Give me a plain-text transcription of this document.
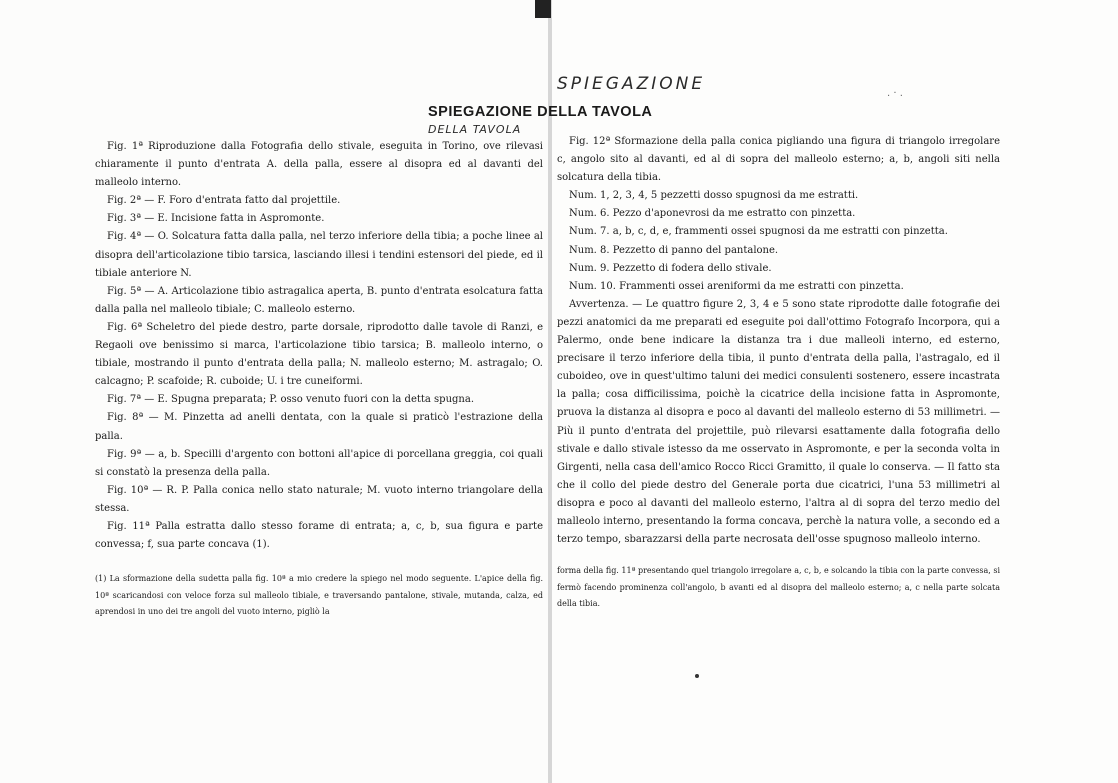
SPIEGAZIONE	. · .
SPIEGAZIONE DELLA TAVOLA
DELLA TAVOLA

Fig. 1ª Riproduzione dalla Fotografia dello stivale, eseguita in Torino, ove rilevasi chiaramente il punto d'entrata A. della palla, essere al disopra ed al davanti del malleolo interno.

Fig. 2ª — F. Foro d'entrata fatto dal projettile.

Fig. 3ª — E. Incisione fatta in Aspromonte.

Fig. 4ª — O. Solcatura fatta dalla palla, nel terzo inferiore della tibia; a poche linee al disopra dell'articolazione tibio tarsica, lasciando illesi i tendini estensori del piede, ed il tibiale anteriore N.

Fig. 5ª — A. Articolazione tibio astragalica aperta, B. punto d'entrata esolcatura fatta dalla palla nel malleolo tibiale; C. malleolo esterno.

Fig. 6ª Scheletro del piede destro, parte dorsale, riprodotto dalle tavole di Ranzi, e Regaoli ove benissimo si marca, l'articolazione tibio tarsica; B. malleolo interno, o tibiale, mostrando il punto d'entrata della palla; N. malleolo esterno; M. astragalo; O. calcagno; P. scafoide; R. cuboide; U. i tre cuneiformi.

Fig. 7ª — E. Spugna preparata; P. osso venuto fuori con la detta spugna.

Fig. 8ª — M. Pinzetta ad anelli dentata, con la quale si praticò l'estrazione della palla.

Fig. 9ª — a, b. Specilli d'argento con bottoni all'apice di porcellana greggia, coi quali si constatò la presenza della palla.

Fig. 10ª — R. P. Palla conica nello stato naturale; M. vuoto interno triangolare della stessa.

Fig. 11ª Palla estratta dallo stesso forame di entrata; a, c, b, sua figura e parte convessa; f, sua parte concava (1).

(1) La sformazione della sudetta palla fig. 10ª a mio credere la spiego nel modo seguente. L'apice della fig. 10ª scaricandosi con veloce forza sul malleolo tibiale, e traversando pantalone, stivale, mutanda, calza, ed aprendosi in uno dei tre angoli del vuoto interno, pigliò la

Fig. 12ª Sformazione della palla conica pigliando una figura di triangolo irregolare c, angolo sito al davanti, ed al di sopra del malleolo esterno; a, b, angoli siti nella solcatura della tibia.

Num. 1, 2, 3, 4, 5 pezzetti dosso spugnosi da me estratti.

Num. 6. Pezzo d'aponevrosi da me estratto con pinzetta.

Num. 7. a, b, c, d, e, frammenti ossei spugnosi da me estratti con pinzetta.

Num. 8. Pezzetto di panno del pantalone.

Num. 9. Pezzetto di fodera dello stivale.

Num. 10. Frammenti ossei areniformi da me estratti con pinzetta.

Avvertenza. — Le quattro figure 2, 3, 4 e 5 sono state riprodotte dalle fotografie dei pezzi anatomici da me preparati ed eseguite poi dall'ottimo Fotografo Incorpora, qui a Palermo, onde bene indicare la distanza tra i due malleoli interno, ed esterno, precisare il terzo inferiore della tibia, il punto d'entrata della palla, l'astragalo, ed il cuboideo, ove in quest'ultimo taluni dei medici consulenti sostenero, essere incastrata la palla; cosa difficilissima, poichè la cicatrice della incisione fatta in Aspromonte, pruova la distanza al disopra e poco al davanti del malleolo esterno di 53 millimetri. — Più il punto d'entrata del projettile, può rilevarsi esattamente dalla fotografia dello stivale e dallo stivale istesso da me osservato in Aspromonte, e per la seconda volta in Girgenti, nella casa dell'amico Rocco Ricci Gramitto, il quale lo conserva. — Il fatto sta che il collo del piede destro del Generale porta due cicatrici, l'una 53 millimetri al disopra e poco al davanti del malleolo esterno, l'altra al di sopra del terzo medio del malleolo interno, presentando la forma concava, perchè la natura volle, a secondo ed a terzo tempo, sbarazzarsi della parte necrosata dell'osse spugnoso malleolo interno.

forma della fig. 11ª presentando quel triangolo irregolare a, c, b, e solcando la tibia con la parte convessa, si fermò facendo prominenza coll'angolo, b avanti ed al disopra del malleolo esterno; a, c nella parte solcata della tibia.
